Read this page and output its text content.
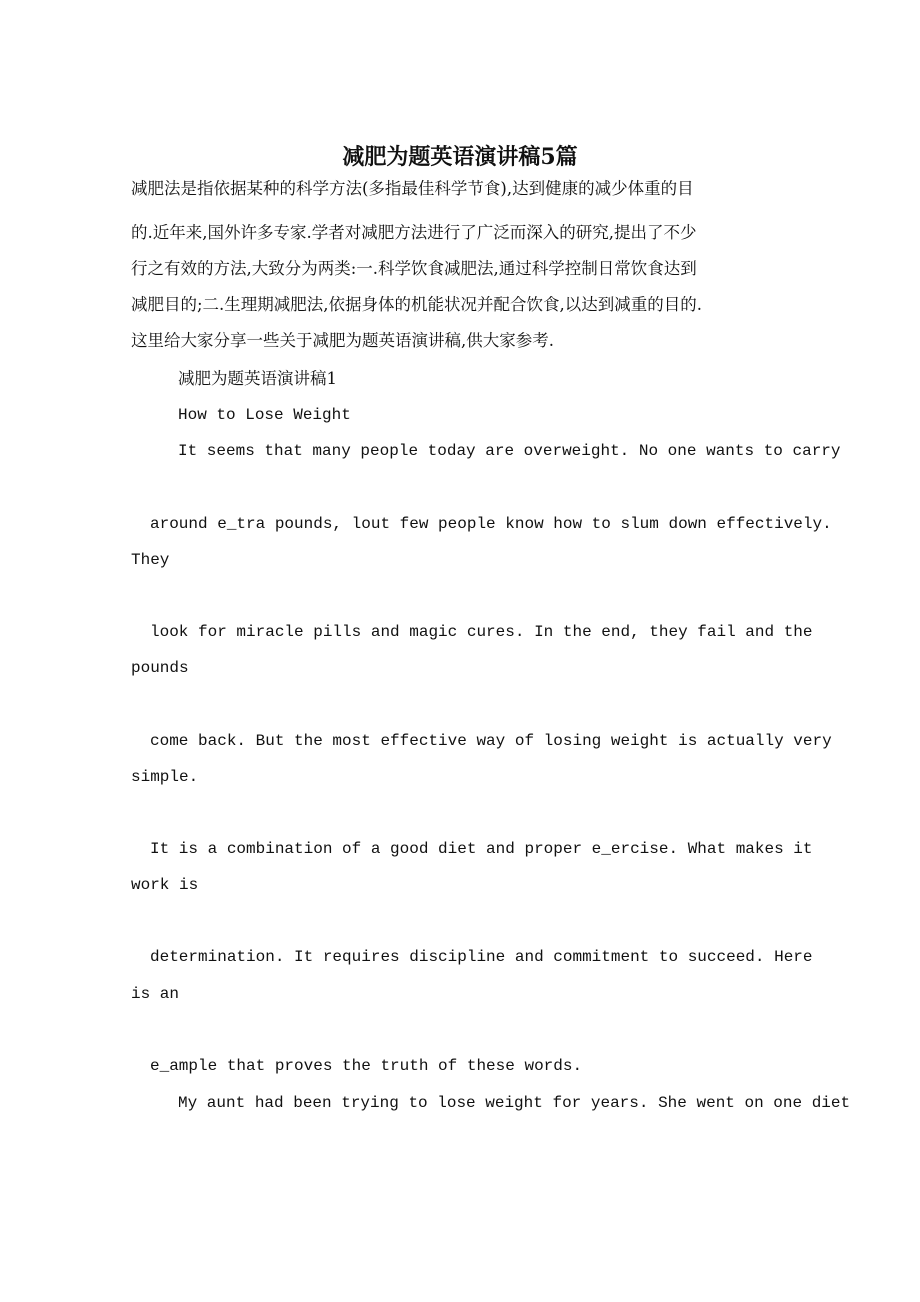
减肥为题英语演讲稿5篇

减肥法是指依据某种的科学方法(多指最佳科学节食),达到健康的减少体重的目

的.近年来,国外许多专家.学者对减肥方法进行了广泛而深入的研究,提出了不少

行之有效的方法,大致分为两类:一.科学饮食减肥法,通过科学控制日常饮食达到

减肥目的;二.生理期减肥法,依据身体的机能状况并配合饮食,以达到减重的目的.

这里给大家分享一些关于减肥为题英语演讲稿,供大家参考.

减肥为题英语演讲稿1

How to Lose Weight

It seems that many people today are overweight. No one wants to carry

around e_tra pounds, lout few people know how to slum down effectively.

They

look for miracle pills and magic cures. In the end, they fail and the

pounds

come back. But the most effective way of losing weight is actually very

simple.

It is a combination of a good diet and proper e_ercise. What makes it

work is

determination. It requires discipline and commitment to succeed. Here

is an

e_ample that proves the truth of these words.

My aunt had been trying to lose weight for years. She went on one diet
